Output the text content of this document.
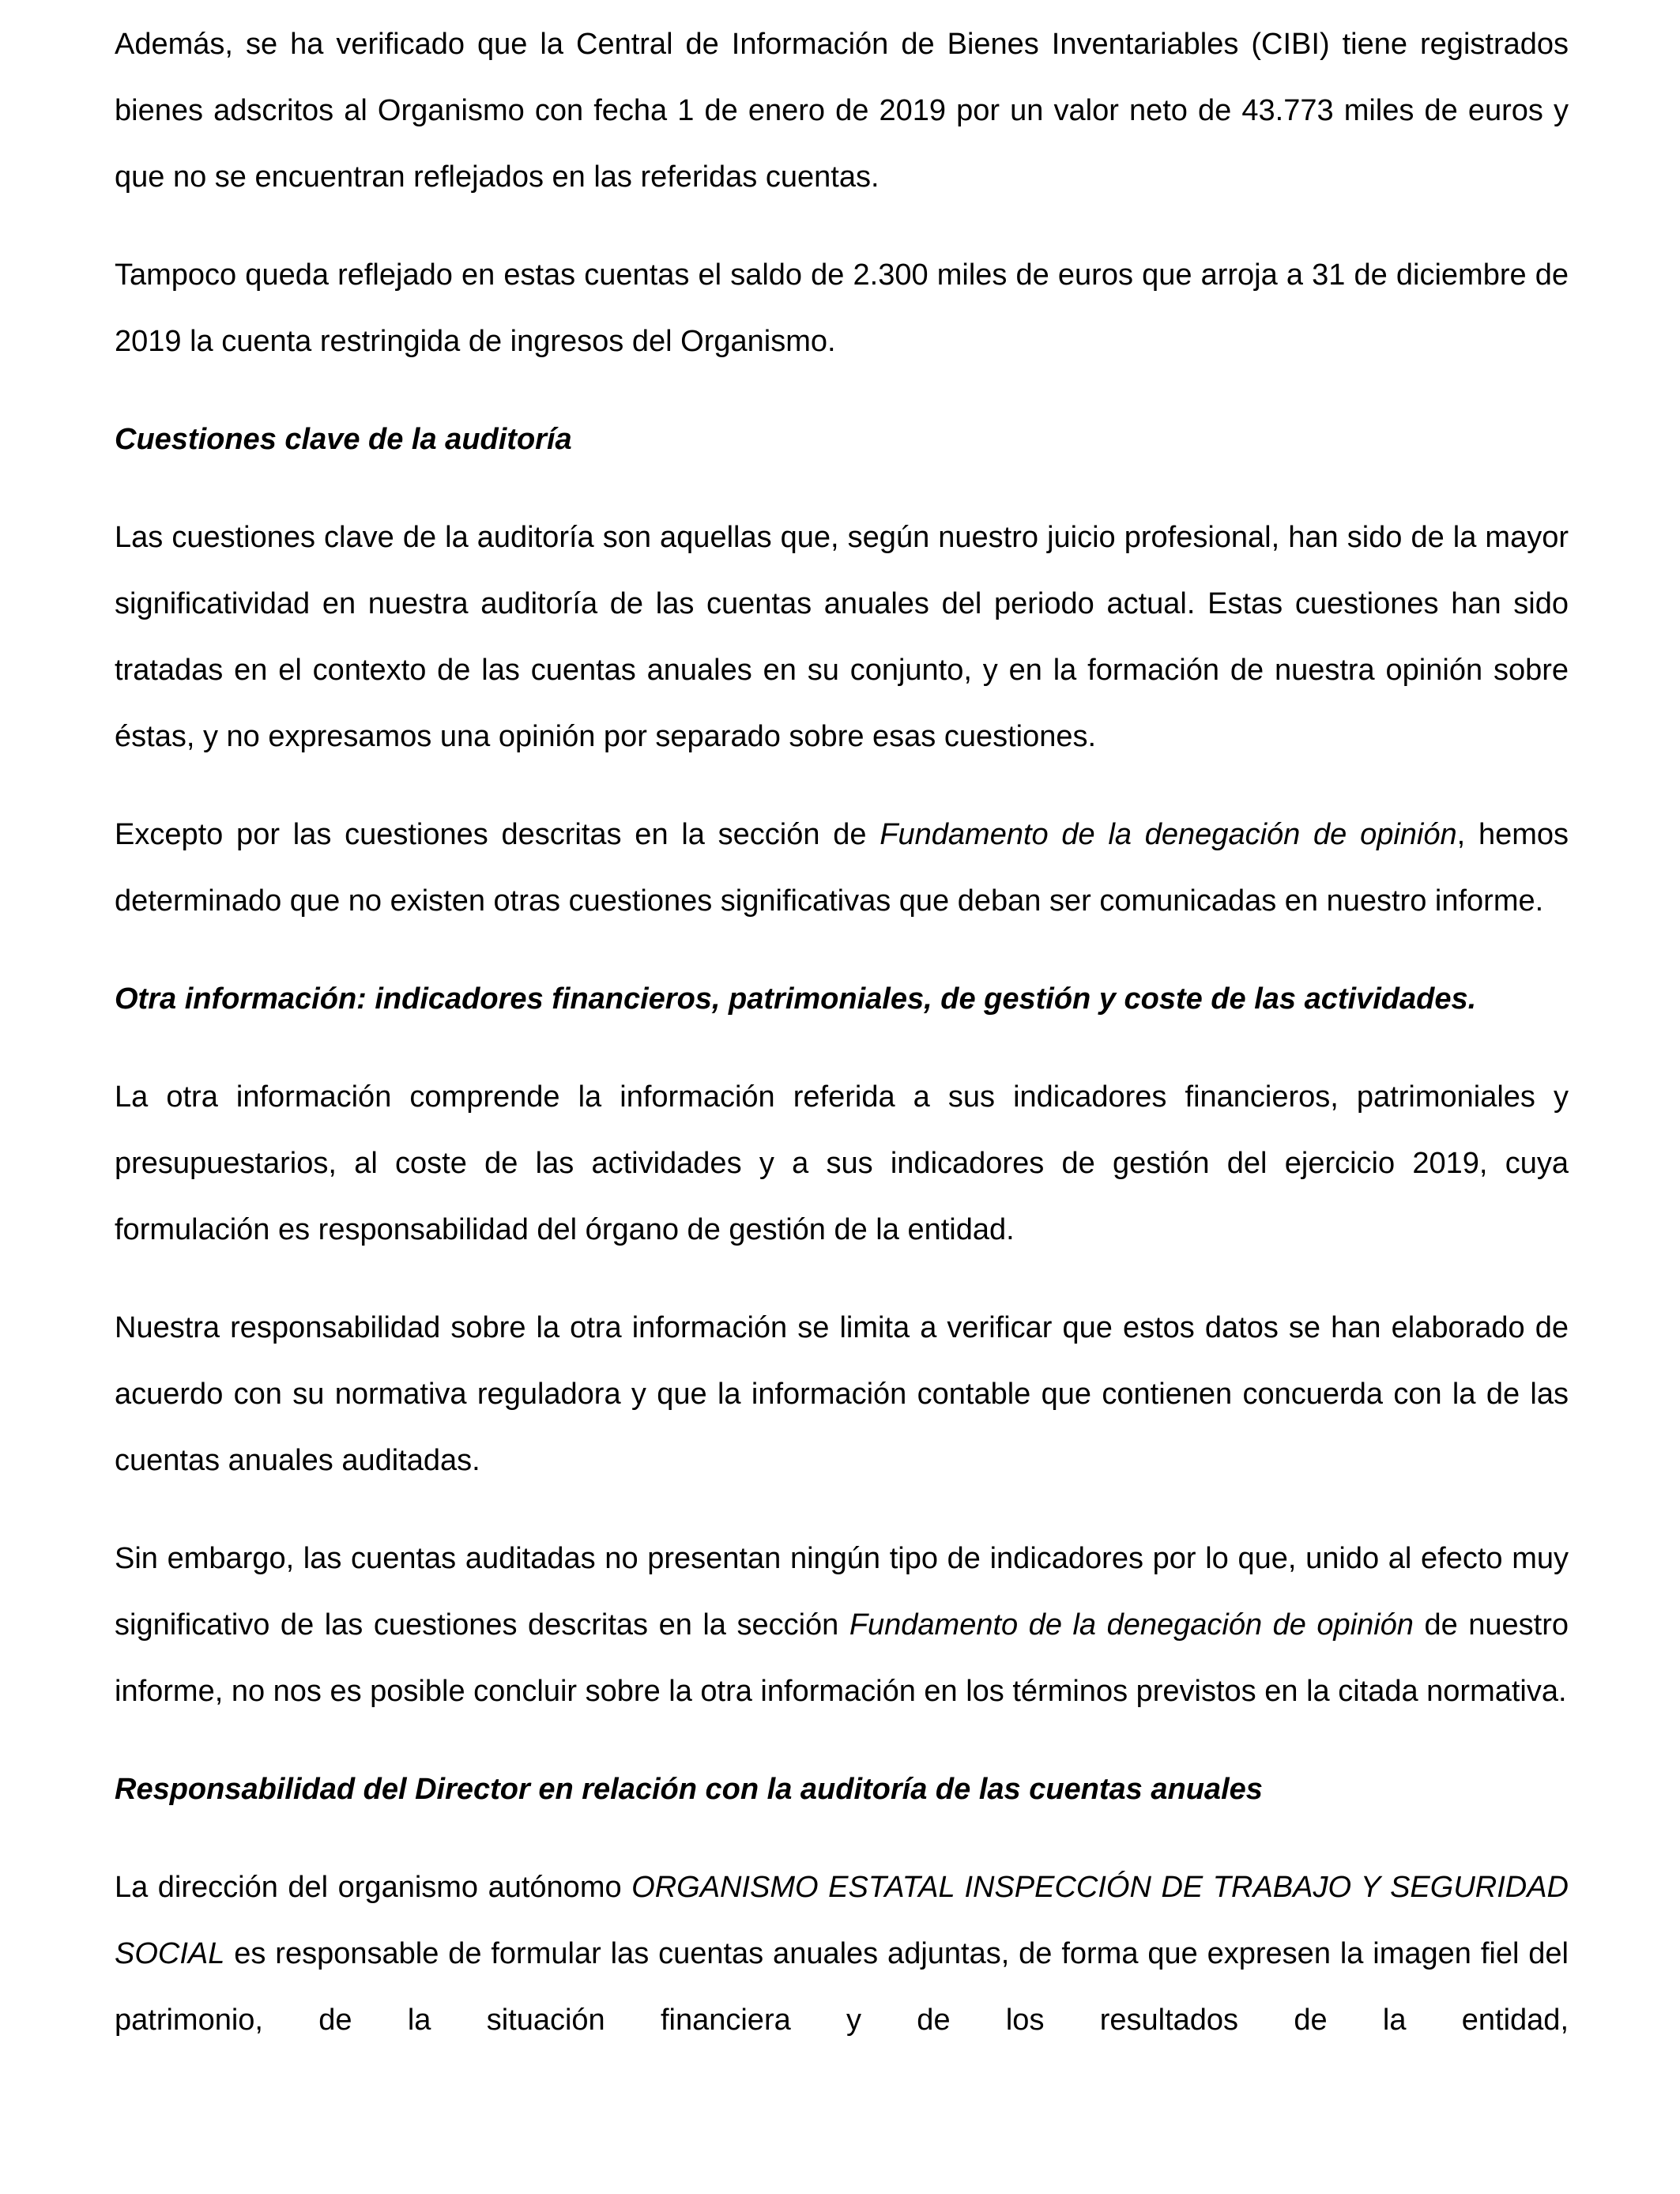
Además, se ha verificado que la Central de Información de Bienes Inventariables (CIBI) tiene registrados bienes adscritos al Organismo con fecha 1 de enero de 2019 por un valor neto de 43.773 miles de euros y que no se encuentran reflejados en las referidas cuentas.

Tampoco queda reflejado en estas cuentas el saldo de 2.300 miles de euros que arroja a 31 de diciembre de 2019 la cuenta restringida de ingresos del Organismo.

Cuestiones clave de la auditoría

Las cuestiones clave de la auditoría son aquellas que, según nuestro juicio profesional, han sido de la mayor significatividad en nuestra auditoría de las cuentas anuales del periodo actual. Estas cuestiones han sido tratadas en el contexto de las cuentas anuales en su conjunto, y en la formación de nuestra opinión sobre éstas, y no expresamos una opinión por separado sobre esas cuestiones.

Excepto por las cuestiones descritas en la sección de Fundamento de la denegación de opinión, hemos determinado que no existen otras cuestiones significativas que deban ser comunicadas en nuestro informe.

Otra información: indicadores financieros, patrimoniales, de gestión y coste de las actividades.

La otra información comprende la información referida a sus indicadores financieros, patrimoniales y presupuestarios, al coste de las actividades y a sus indicadores de gestión del ejercicio 2019, cuya formulación es responsabilidad del órgano de gestión de la entidad.

Nuestra responsabilidad sobre la otra información se limita a verificar que estos datos se han elaborado de acuerdo con su normativa reguladora y que la información contable que contienen concuerda con la de las cuentas anuales auditadas.

Sin embargo, las cuentas auditadas no presentan ningún tipo de indicadores por lo que, unido al efecto muy significativo de las cuestiones descritas en la sección Fundamento de la denegación de opinión de nuestro informe, no nos es posible concluir sobre la otra información en los términos previstos en la citada normativa.

Responsabilidad del Director en relación con la auditoría de las cuentas anuales

La dirección del organismo autónomo ORGANISMO ESTATAL INSPECCIÓN DE TRABAJO Y SEGURIDAD SOCIAL es responsable de formular las cuentas anuales adjuntas, de forma que expresen la imagen fiel del patrimonio, de la situación financiera y de los resultados de la entidad,
